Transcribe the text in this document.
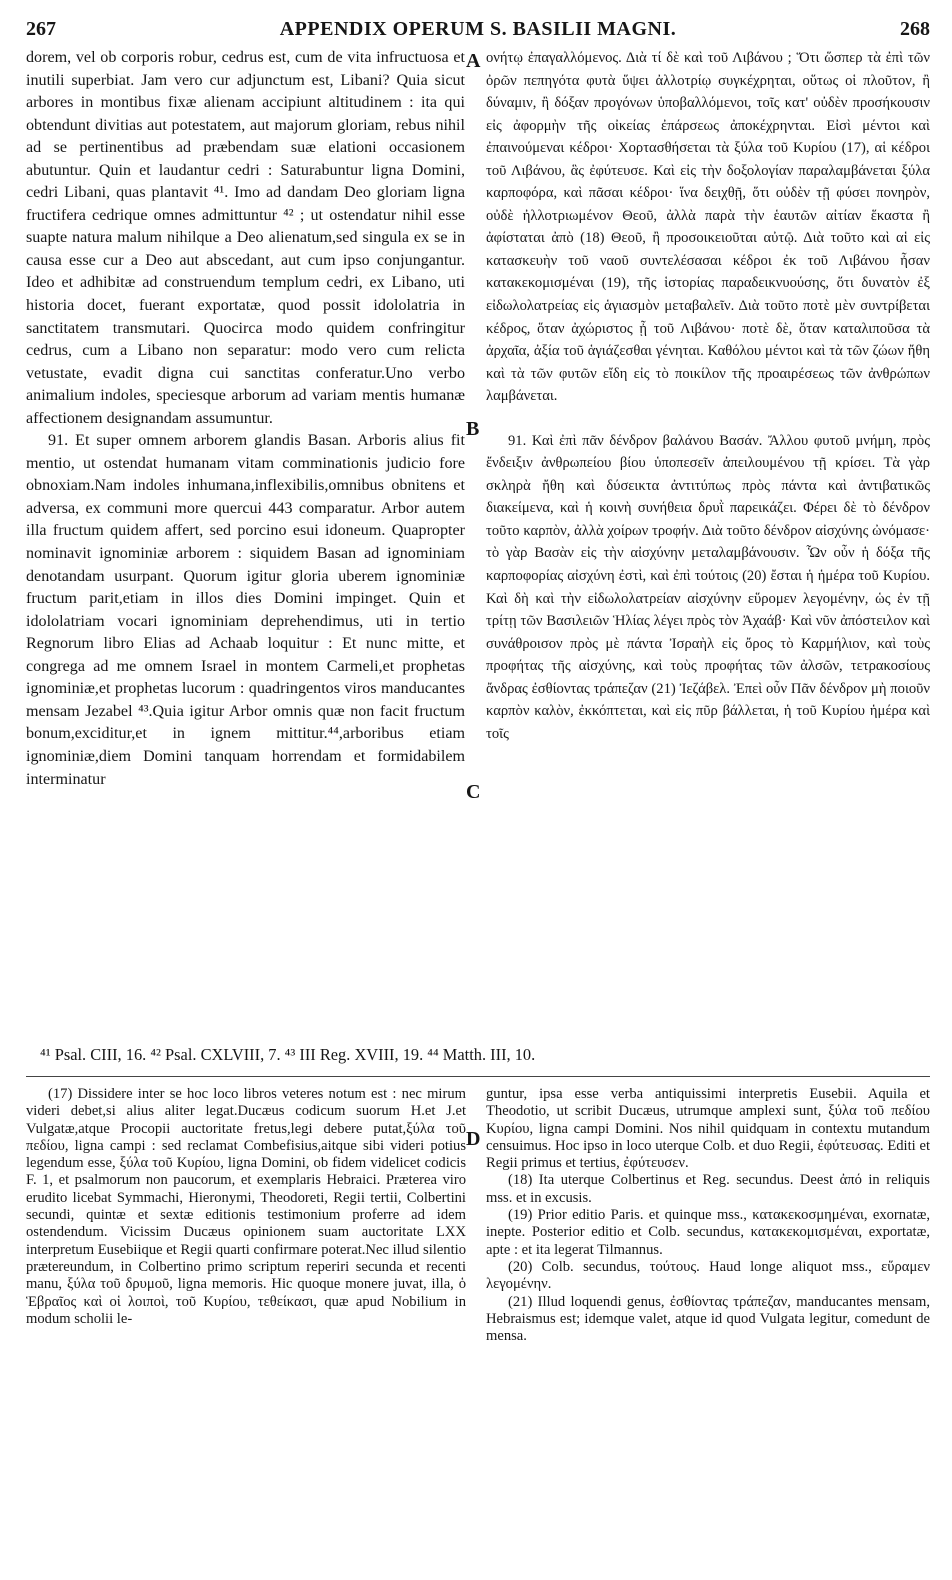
267	APPENDIX OPERUM S. BASILII MAGNI.	268

dorem, vel ob corporis robur, cedrus est, cum de vita infructuosa et inutili superbiat. Jam vero cur adjunctum est, Libani? Quia sicut arbores in montibus fixæ alienam accipiunt altitudinem : ita qui obtendunt divitias aut potestatem, aut majorum gloriam, rebus nihil ad se pertinentibus ad præbendam suæ elationi occasionem abutuntur. Quin et laudantur cedri : Saturabuntur ligna Domini, cedri Libani, quas plantavit ⁴¹. Imo ad dandam Deo gloriam ligna fructifera cedrique omnes admittuntur ⁴² ; ut ostendatur nihil esse suapte natura malum nihilque a Deo alienatum,sed singula ex se in causa esse cur a Deo aut abscedant, aut cum ipso conjungantur. Ideo et adhibitæ ad construendum templum cedri, ex Libano, uti historia docet, fuerant exportatæ, quod possit idololatria in sanctitatem transmutari. Quocirca modo quidem confringitur cedrus, cum a Libano non separatur: modo vero cum relicta vetustate, evadit digna cui sanctitas conferatur.Uno verbo animalium indoles, speciesque arborum ad variam mentis humanæ affectionem designandam assumuntur.

91. Et super omnem arborem glandis Basan. Arboris alius fit mentio, ut ostendat humanam vitam comminationis judicio fore obnoxiam.Nam indoles inhumana,inflexibilis,omnibus obnitens et adversa, ex communi more quercui 443 comparatur. Arbor autem illa fructum quidem affert, sed porcino esui idoneum. Quapropter nominavit ignominiæ arborem : siquidem Basan ad ignominiam denotandam usurpant. Quorum igitur gloria uberem ignominiæ fructum parit,etiam in illos dies Domini impinget. Quin et idololatriam vocari ignominiam deprehendimus, uti in tertio Regnorum libro Elias ad Achaab loquitur : Et nunc mitte, et congrega ad me omnem Israel in montem Carmeli,et prophetas ignominiæ,et prophetas lucorum : quadringentos viros manducantes mensam Jezabel ⁴³.Quia igitur Arbor omnis quæ non facit fructum bonum,exciditur,et in ignem mittitur.⁴⁴,arboribus etiam ignominiæ,diem Domini tanquam horrendam et formidabilem interminatur

A
B
C
D

ονήτῳ ἐπαγαλλόμενος. Διὰ τί δὲ καὶ τοῦ Λιβάνου ; Ὅτι ὥσπερ τὰ ἐπὶ τῶν ὀρῶν πεπηγότα φυτὰ ὕψει ἀλλοτρίῳ συγκέχρηται, οὕτως οἱ πλοῦτον, ἢ δύναμιν, ἢ δόξαν προγόνων ὑποβαλλόμενοι, τοῖς κατ' οὐδὲν προσήκουσιν εἰς ἀφορμὴν τῆς οἰκείας ἐπάρσεως ἀποκέχρηνται. Εἰσὶ μέντοι καὶ ἐπαινούμεναι κέδροι· Χορτασθήσεται τὰ ξύλα τοῦ Κυρίου (17), αἱ κέδροι τοῦ Λιβάνου, ἃς ἐφύτευσε. Καὶ εἰς τὴν δοξολογίαν παραλαμβάνεται ξύλα καρποφόρα, καὶ πᾶσαι κέδροι· ἵνα δειχθῇ, ὅτι οὐδὲν τῇ φύσει πονηρὸν, οὐδὲ ἠλλοτριωμένον Θεοῦ, ἀλλὰ παρὰ τὴν ἑαυτῶν αἰτίαν ἕκαστα ἢ ἀφίσταται ἀπὸ (18) Θεοῦ, ἢ προσοικειοῦται αὐτῷ. Διὰ τοῦτο καὶ αἱ εἰς κατασκευὴν τοῦ ναοῦ συντελέσασαι κέδροι ἐκ τοῦ Λιβάνου ἦσαν κατακεκομισμέναι (19), τῆς ἱστορίας παραδεικνυούσης, ὅτι δυνατὸν ἐξ εἰδωλολατρείας εἰς ἁγιασμὸν μεταβαλεῖν. Διὰ τοῦτο ποτὲ μὲν συντρίβεται κέδρος, ὅταν ἀχώριστος ᾖ τοῦ Λιβάνου· ποτὲ δὲ, ὅταν καταλιποῦσα τὰ ἀρχαῖα, ἀξία τοῦ ἁγιάζεσθαι γένηται. Καθόλου μέντοι καὶ τὰ τῶν ζώων ἤθη καὶ τὰ τῶν φυτῶν εἴδη εἰς τὸ ποικίλον τῆς προαιρέσεως τῶν ἀνθρώπων λαμβάνεται.

91. Καὶ ἐπὶ πᾶν δένδρον βαλάνου Βασάν. Ἄλλου φυτοῦ μνήμη, πρὸς ἔνδειξιν ἀνθρωπείου βίου ὑποπεσεῖν ἀπειλουμένου τῇ κρίσει. Τὰ γὰρ σκληρὰ ἤθη καὶ δύσεικτα ἀντιτύπως πρὸς πάντα καὶ ἀντιβατικῶς διακείμενα, καὶ ἡ κοινὴ συνήθεια δρυῒ παρεικάζει. Φέρει δὲ τὸ δένδρον τοῦτο καρπὸν, ἀλλὰ χοίρων τροφήν. Διὰ τοῦτο δένδρον αἰσχύνης ὠνόμασε· τὸ γὰρ Βασὰν εἰς τὴν αἰσχύνην μεταλαμβάνουσιν. Ὧν οὖν ἡ δόξα τῆς καρποφορίας αἰσχύνη ἐστὶ, καὶ ἐπὶ τούτοις (20) ἔσται ἡ ἡμέρα τοῦ Κυρίου. Καὶ δὴ καὶ τὴν εἰδωλολατρείαν αἰσχύνην εὕρομεν λεγομένην, ὡς ἐν τῇ τρίτῃ τῶν Βασιλειῶν Ἡλίας λέγει πρὸς τὸν Ἀχαάβ· Καὶ νῦν ἀπόστειλον καὶ συνάθροισον πρὸς μὲ πάντα Ἰσραὴλ εἰς ὄρος τὸ Καρμήλιον, καὶ τοὺς προφήτας τῆς αἰσχύνης, καὶ τοὺς προφήτας τῶν ἀλσῶν, τετρακοσίους ἄνδρας ἐσθίοντας τράπεζαν (21) Ἰεζάβελ. Ἐπεὶ οὖν Πᾶν δένδρον μὴ ποιοῦν καρπὸν καλὸν, ἐκκόπτεται, καὶ εἰς πῦρ βάλλεται, ἡ τοῦ Κυρίου ἡμέρα καὶ τοῖς

⁴¹ Psal. CIII, 16. ⁴² Psal. CXLVIII, 7. ⁴³ III Reg. XVIII, 19. ⁴⁴ Matth. III, 10.

(17) Dissidere inter se hoc loco libros veteres notum est : nec mirum videri debet,si alius aliter legat.Ducæus codicum suorum H.et J.et Vulgatæ,atque Procopii auctoritate fretus,legi debere putat,ξύλα τοῦ πεδίου, ligna campi : sed reclamat Combefisius,aitque sibi videri potius legendum esse, ξύλα τοῦ Κυρίου, ligna Domini, ob fidem videlicet codicis F. 1, et psalmorum non paucorum, et exemplaris Hebraici. Præterea viro erudito licebat Symmachi, Hieronymi, Theodoreti, Regii tertii, Colbertini secundi, quintæ et sextæ editionis testimonium proferre ad idem ostendendum. Vicissim Ducæus opinionem suam auctoritate LXX interpretum Eusebiique et Regii quarti confirmare poterat.Nec illud silentio prætereundum, in Colbertino primo scriptum reperiri secunda et recenti manu, ξύλα τοῦ δρυμοῦ, ligna memoris. Hic quoque monere juvat, illa, ὁ Ἑβραῖος καὶ οἱ λοιποὶ, τοῦ Κυρίου, τεθείκασι, quæ apud Nobilium in modum scholii le-

guntur, ipsa esse verba antiquissimi interpretis Eusebii. Aquila et Theodotio, ut scribit Ducæus, utrumque amplexi sunt, ξύλα τοῦ πεδίου Κυρίου, ligna campi Domini. Nos nihil quidquam in contextu mutandum censuimus. Hoc ipso in loco uterque Colb. et duo Regii, ἐφύτευσας. Editi et Regii primus et tertius, ἐφύτευσεν.

(18) Ita uterque Colbertinus et Reg. secundus. Deest ἀπό in reliquis mss. et in excusis.

(19) Prior editio Paris. et quinque mss., κατακεκοσμημέναι, exornatæ, inepte. Posterior editio et Colb. secundus, κατακεκομισμέναι, exportatæ, apte : et ita legerat Tilmannus.

(20) Colb. secundus, τούτους. Haud longe aliquot mss., εὕραμεν λεγομένην.

(21) Illud loquendi genus, ἐσθίοντας τράπεζαν, manducantes mensam, Hebraismus est; idemque valet, atque id quod Vulgata legitur, comedunt de mensa.
